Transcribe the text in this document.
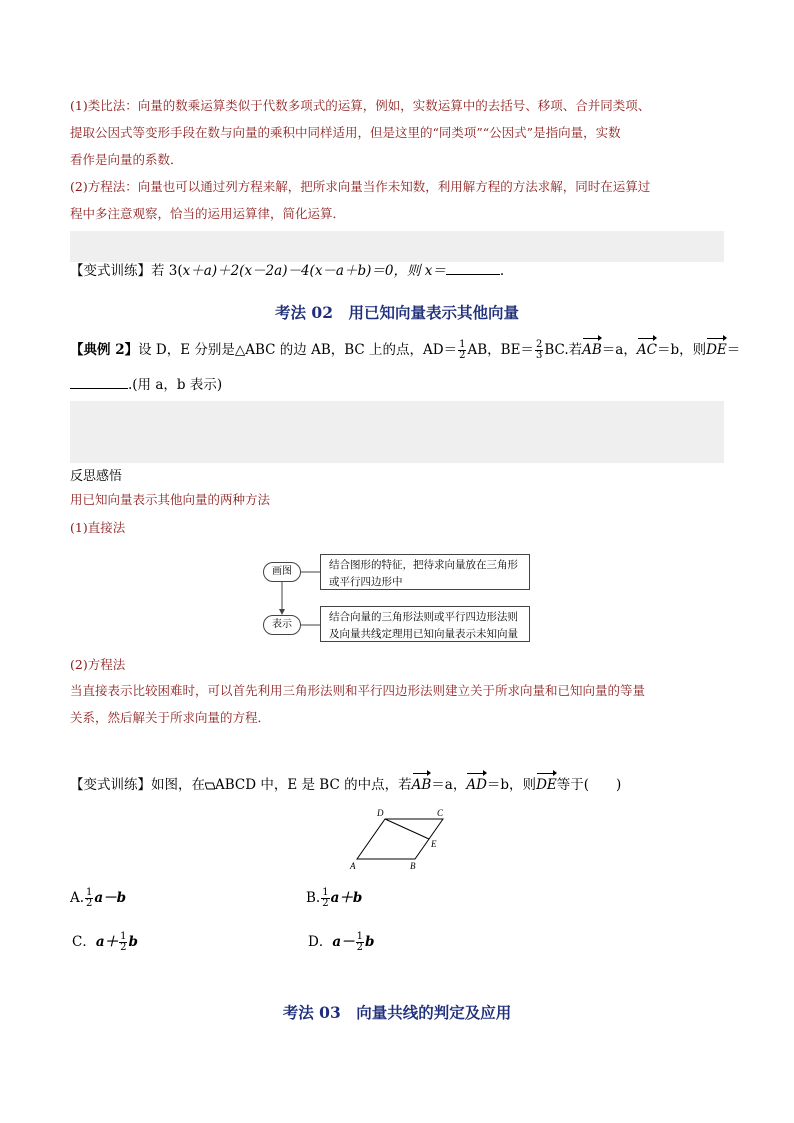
(1)类比法：向量的数乘运算类似于代数多项式的运算，例如，实数运算中的去括号、移项、合并同类项、
提取公因式等变形手段在数与向量的乘积中同样适用，但是这里的“同类项”“公因式”是指向量，实数
看作是向量的系数．
(2)方程法：向量也可以通过列方程来解，把所求向量当作未知数，利用解方程的方法求解，同时在运算过
程中多注意观察，恰当的运用运算律，简化运算．
【变式训练】若 3(x＋a)＋2(x－2a)－4(x－a＋b)＝0，则 x＝	.
考法 02　用已知向量表示其他向量
【典例 2】设 D，E 分别是△ABC 的边 AB，BC 上的点，$AD= \frac{1}{2}$ AB，$BE= \frac{2}{3}$ BC.若AB＝a，AC＝b，则DE＝
.(用 a，b 表示)
反思感悟
用已知向量表示其他向量的两种方法
(1)直接法
画图
结合图形的特征，把待求向量放在三角形或平行四边形中
表示
结合向量的三角形法则或平行四边形法则及向量共线定理用已知向量表示未知向量
(2)方程法
当直接表示比较困难时，可以首先利用三角形法则和平行四边形法则建立关于所求向量和已知向量的等量
关系，然后解关于所求向量的方程．
【变式训练】如图，在 ABCD 中，E 是 BC 的中点，若AB＝a，AD＝b，则DE等于(　　)
A	B
C
D
E
A. $\frac{1}{2} a-b$	B. $\frac{1}{2} a+b$
C．$a+ \frac{1}{2}$ b	D．$a- \frac{1}{2}$ b
考法 03　向量共线的判定及应用
